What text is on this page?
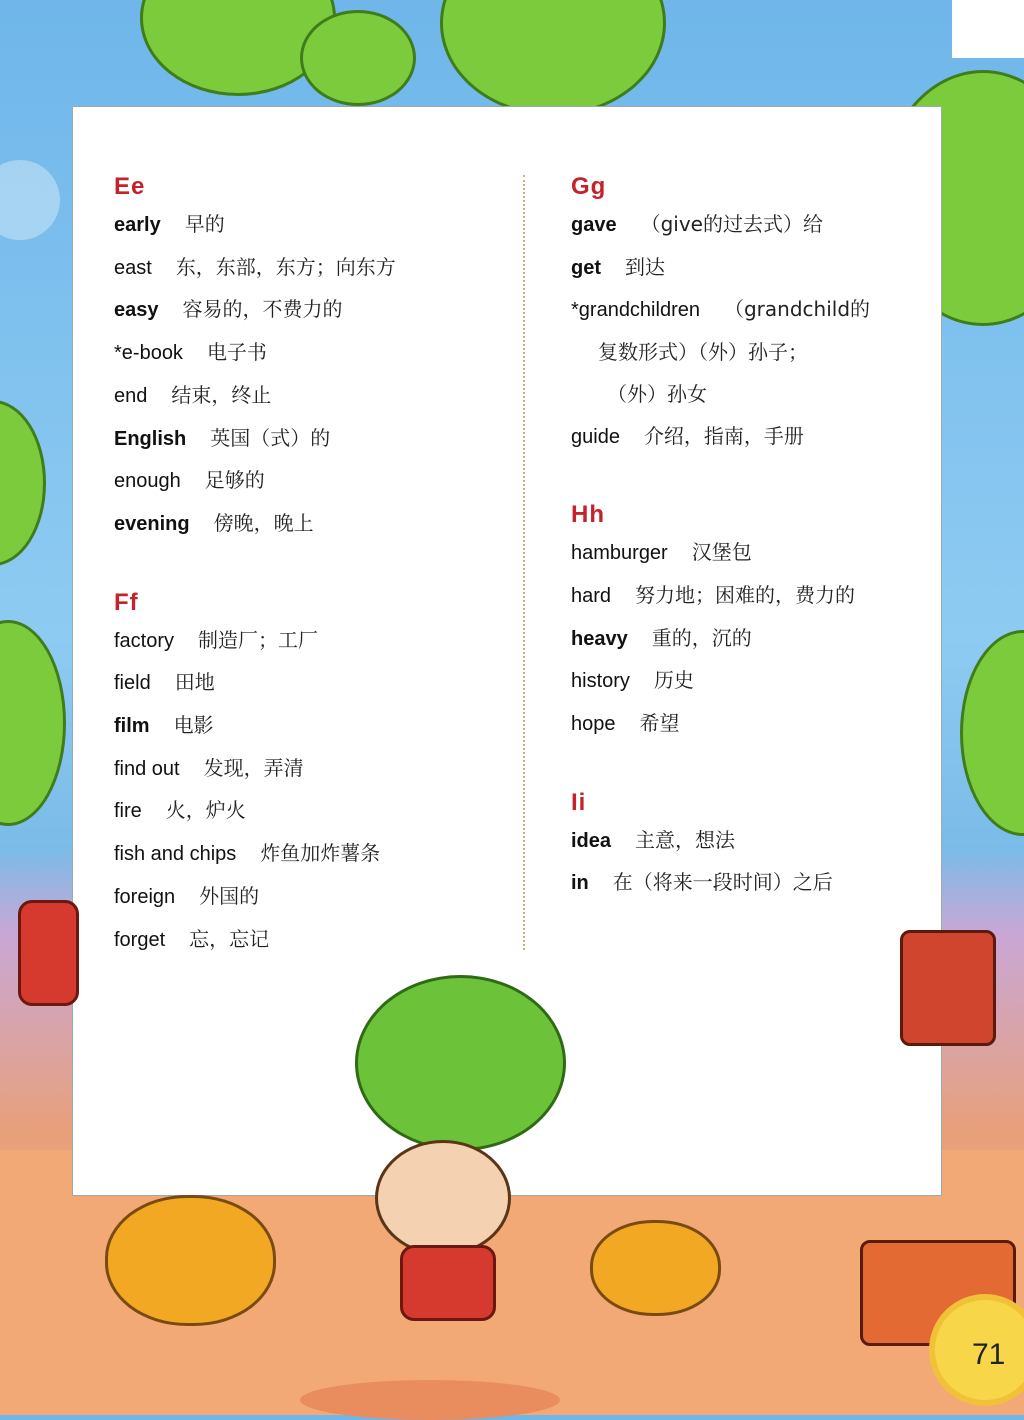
Ee
early 早的
east 东，东部，东方；向东方
easy 容易的，不费力的
*e-book 电子书
end 结束，终止
English 英国（式）的
enough 足够的
evening 傍晚，晚上
Ff
factory 制造厂；工厂
field 田地
film 电影
find out 发现，弄清
fire 火，炉火
fish and chips 炸鱼加炸薯条
foreign 外国的
forget 忘，忘记
Gg
gave （give的过去式）给
get 到达
*grandchildren （grandchild的
复数形式）（外）孙子；
（外）孙女
guide 介绍，指南，手册
Hh
hamburger 汉堡包
hard 努力地；困难的，费力的
heavy 重的，沉的
history 历史
hope 希望
Ii
idea 主意，想法
in 在（将来一段时间）之后
71
